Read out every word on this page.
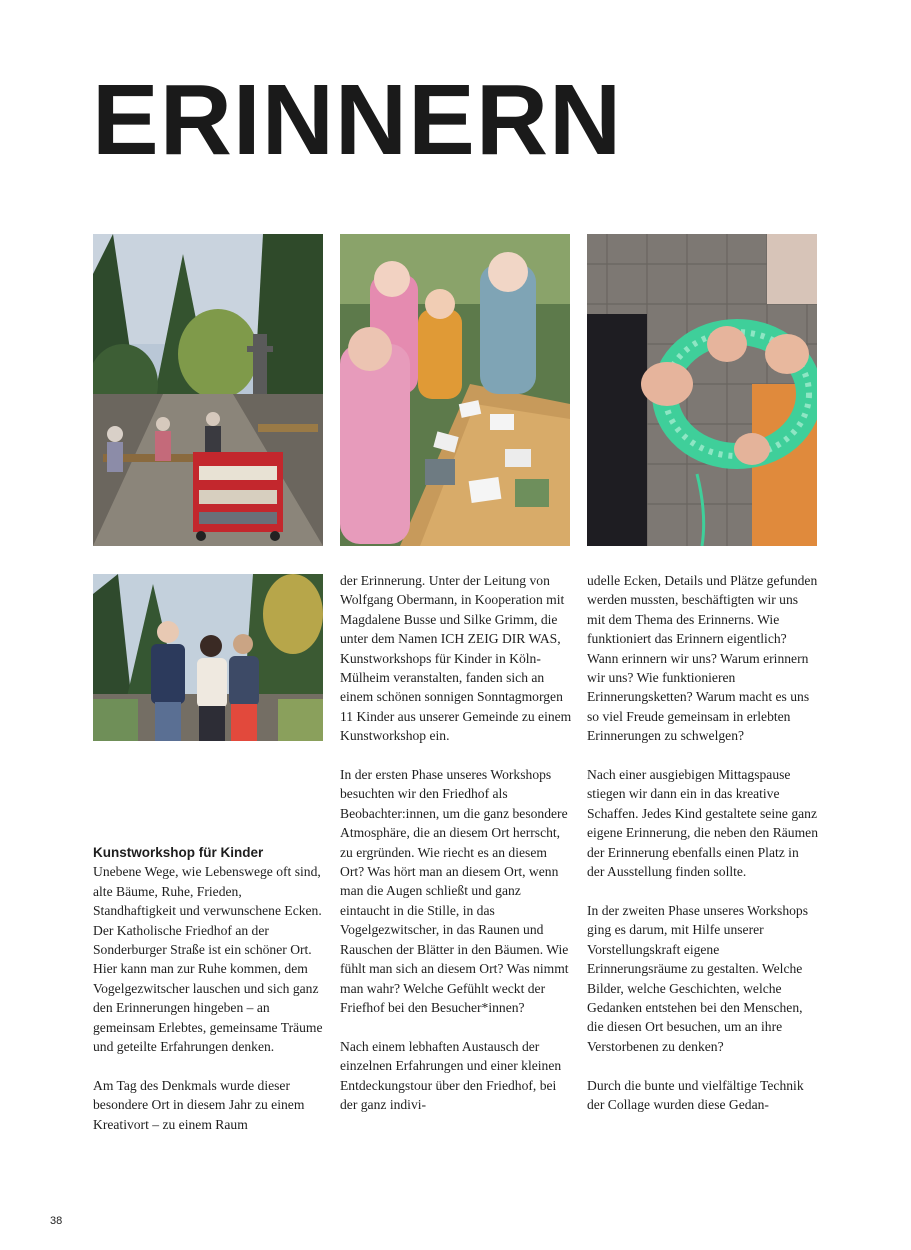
ERINNERN
Kunstworkshop für Kinder

Unebene Wege, wie Lebenswege oft sind, alte Bäume, Ruhe, Frieden, Standhaftigkeit und verwunschene Ecken. Der Katholische Friedhof an der Sonderburger Straße ist ein schöner Ort. Hier kann man zur Ruhe kommen, dem Vogelgezwitscher lauschen und sich ganz den Erinnerungen hingeben – an gemeinsam Erlebtes, gemeinsame Träume und geteilte Erfahrungen denken.

Am Tag des Denkmals wurde dieser besondere Ort in diesem Jahr zu einem Kreativort – zu einem Raum

der Erinnerung. Unter der Leitung von Wolfgang Obermann, in Kooperation mit Magdalene Busse und Silke Grimm, die unter dem Namen ICH ZEIG DIR WAS, Kunstworkshops für Kinder in Köln-Mülheim veranstalten, fanden sich an einem schönen sonnigen Sonntagmorgen 11 Kinder aus unserer Gemeinde zu einem Kunstworkshop ein.

In der ersten Phase unseres Workshops besuchten wir den Friedhof als Beobachter:innen, um die ganz besondere Atmosphäre, die an diesem Ort herrscht, zu ergründen. Wie riecht es an diesem Ort? Was hört man an diesem Ort, wenn man die Augen schließt und ganz eintaucht in die Stille, in das Vogelgezwitscher, in das Raunen und Rauschen der Blätter in den Bäumen. Wie fühlt man sich an diesem Ort? Was nimmt man wahr? Welche Gefühlt weckt der Friefhof bei den Besucher*innen?

Nach einem lebhaften Austausch der einzelnen Erfahrungen und einer kleinen Entdeckungstour über den Friedhof, bei der ganz indivi-

udelle Ecken, Details und Plätze gefunden werden mussten, beschäftigten wir uns mit dem Thema des Erinnerns. Wie funktioniert das Erinnern eigentlich? Wann erinnern wir uns? Warum erinnern wir uns? Wie funktionieren Erinnerungsketten? Warum macht es uns so viel Freude gemeinsam in erlebten Erinnerungen zu schwelgen?

Nach einer ausgiebigen Mittagspause stiegen wir dann ein in das kreative Schaffen. Jedes Kind gestaltete seine ganz eigene Erinnerung, die neben den Räumen der Erinnerung ebenfalls einen Platz in der Ausstellung finden sollte.

In der zweiten Phase unseres Workshops ging es darum, mit Hilfe unserer Vorstellungskraft eigene Erinnerungsräume zu gestalten. Welche Bilder, welche Geschichten, welche Gedanken entstehen bei den Menschen, die diesen Ort besuchen, um an ihre Verstorbenen zu denken?

Durch die bunte und vielfältige Technik der Collage wurden diese Gedan-

38
